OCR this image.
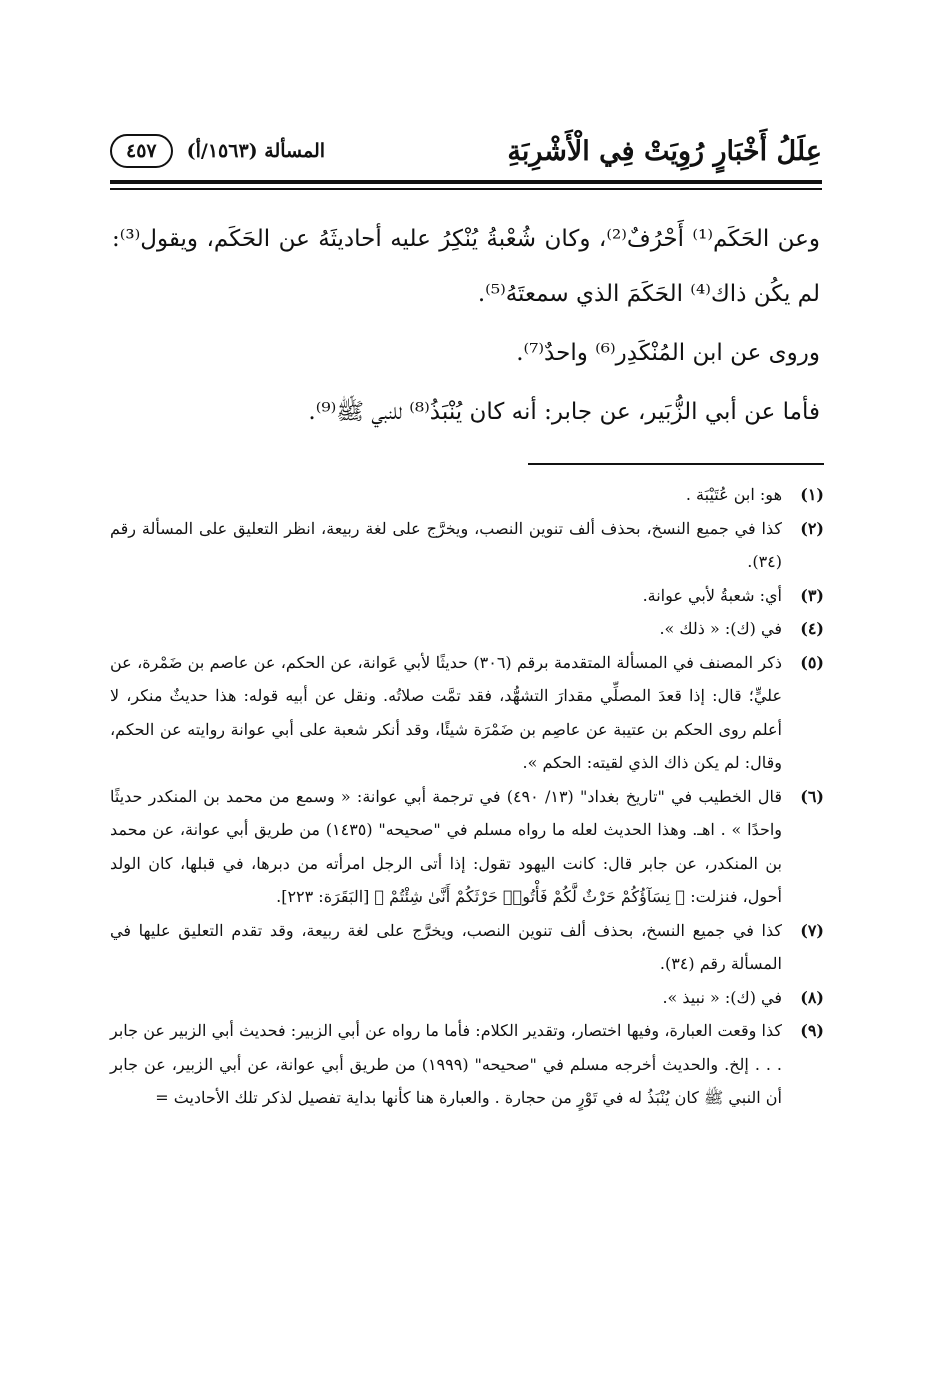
عِلَلُ أَخْبَارٍ رُوِيَتْ فِي الْأَشْرِبَةِ
المسألة (١٥٦٣/أ)
٤٥٧

وعن الحَكَم⁽¹⁾ أَحْرُفٌ⁽²⁾، وكان شُعْبةُ يُنْكِرُ عليه أحاديثَهُ عن الحَكَم، ويقول⁽³⁾: لم يكُن ذاك⁽⁴⁾ الحَكَمَ الذي سمعتَهُ⁽⁵⁾.

وروى عن ابن المُنْكَدِر⁽⁶⁾ واحدٌ⁽⁷⁾.

فأما عن أبي الزُّبَير، عن جابر: أنه كان يُنْبَذُ⁽⁸⁾ للنبي ﷺ⁽⁹⁾.

(١)
هو: ابن عُتَيْبَة .
(٢)
كذا في جميع النسخ، بحذف ألف تنوين النصب، ويخرَّج على لغة ربيعة، انظر التعليق على المسألة رقم (٣٤).
(٣)
أي: شعبةُ لأبي عوانة.
(٤)
في (ك): « ذلك ».
(٥)
ذكر المصنف في المسألة المتقدمة برقم (٣٠٦) حديثًا لأبي عَوانة، عن الحكم، عن عاصم بن ضَمْرة، عن عليٍّ؛ قال: إذا قعدَ المصلِّي مقدارَ التشهُّد، فقد تمَّت صلاتُه. ونقل عن أبيه قوله: هذا حديثٌ منكر، لا أعلم روى الحكم بن عتيبة عن عاصِم بن ضَمْرَة شيئًا، وقد أنكر شعبة على أبي عوانة روايته عن الحكم، وقال: لم يكن ذاك الذي لقيته: الحكم ».
(٦)
قال الخطيب في "تاريخ بغداد" (١٣/ ٤٩٠) في ترجمة أبي عوانة: « وسمع من محمد بن المنكدر حديثًا واحدًا » . اهـ. وهذا الحديث لعله ما رواه مسلم في "صحيحه" (١٤٣٥) من طريق أبي عوانة، عن محمد بن المنكدر، عن جابر قال: كانت اليهود تقول: إذا أتى الرجل امرأته من دبرها، في قبلها، كان الولد أحول، فنزلت: ﴿ نِسَآؤُكُمْ حَرْثٌ لَّكُمْ فَأْتُوا۟ حَرْثَكُمْ أَنَّىٰ شِئْتُمْ ﴾ [البَقَرَة: ٢٢٣].
(٧)
كذا في جميع النسخ، بحذف ألف تنوين النصب، ويخرَّج على لغة ربيعة، وقد تقدم التعليق عليها في المسألة رقم (٣٤).
(٨)
في (ك): « نبيذ ».
(٩)
كذا وقعت العبارة، وفيها اختصار، وتقدير الكلام: فأما ما رواه عن أبي الزبير: فحديث أبي الزبير عن جابر . . . إلخ. والحديث أخرجه مسلم في "صحيحه" (١٩٩٩) من طريق أبي عوانة، عن أبي الزبير، عن جابر أن النبي ﷺ كان يُنْبَذُ له في تَوْرٍ من حجارة . والعبارة هنا كأنها بداية تفصيل لذكر تلك الأحاديث =
